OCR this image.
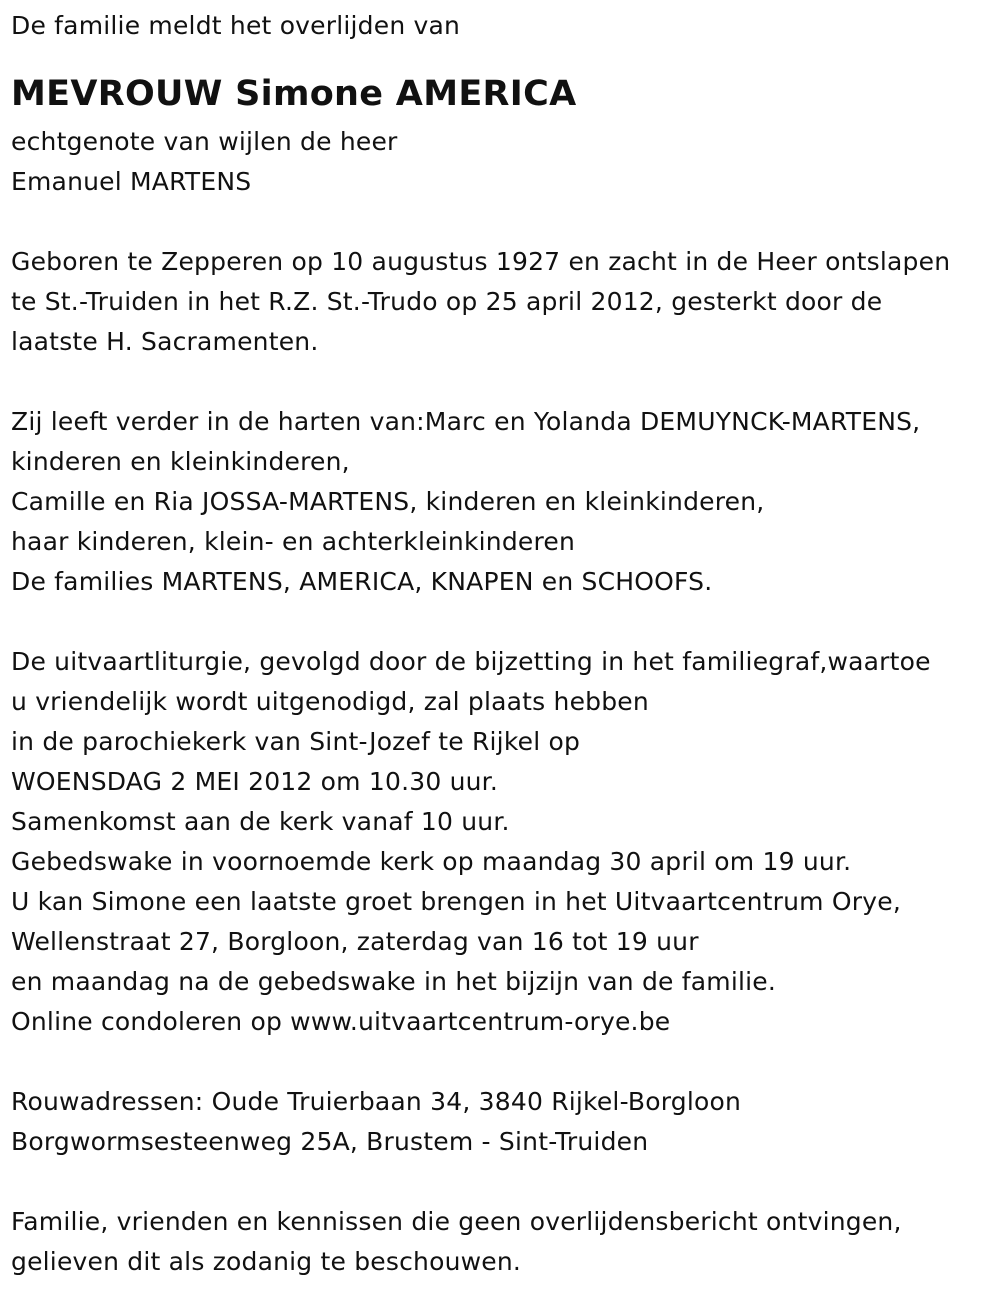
De familie meldt het overlijden van
MEVROUW Simone AMERICA
echtgenote van wijlen de heer
Emanuel MARTENS
Geboren te Zepperen op 10 augustus 1927 en zacht in de Heer ontslapen
te St.-Truiden in het R.Z. St.-Trudo op 25 april 2012, gesterkt door de
laatste H. Sacramenten.
Zij leeft verder in de harten van:Marc en Yolanda DEMUYNCK-MARTENS,
kinderen en kleinkinderen,
Camille en Ria JOSSA-MARTENS, kinderen en kleinkinderen,
haar kinderen, klein- en achterkleinkinderen
De families MARTENS, AMERICA, KNAPEN en SCHOOFS.
De uitvaartliturgie, gevolgd door de bijzetting in het familiegraf,waartoe
u vriendelijk wordt uitgenodigd, zal plaats hebben
in de parochiekerk van Sint-Jozef te Rijkel op
WOENSDAG 2 MEI 2012 om 10.30 uur.
Samenkomst aan de kerk vanaf 10 uur.
Gebedswake in voornoemde kerk op maandag 30 april om 19 uur.
U kan Simone een laatste groet brengen in het Uitvaartcentrum Orye,
Wellenstraat 27, Borgloon, zaterdag van 16 tot 19 uur
en maandag na de gebedswake in het bijzijn van de familie.
Online condoleren op www.uitvaartcentrum-orye.be
Rouwadressen: Oude Truierbaan 34, 3840 Rijkel-Borgloon
Borgwormsesteenweg 25A, Brustem - Sint-Truiden
Familie, vrienden en kennissen die geen overlijdensbericht ontvingen,
gelieven dit als zodanig te beschouwen.
